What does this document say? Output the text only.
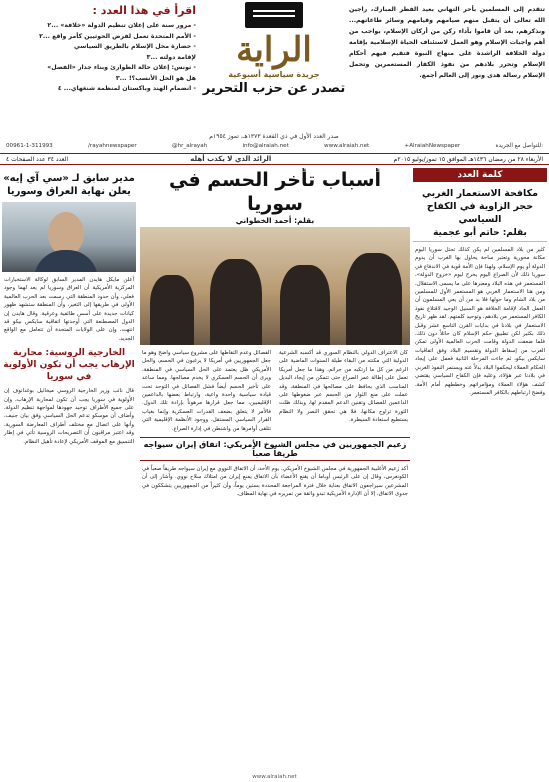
تتقدم إلى المسلمين بأحر التهاني بعيد الفطر المبارك، راجين الله تعالى أن يتقبل منهم صيامهم وقيامهم وسائر طاعاتهم... ونذكرهم، بعد أن قاموا بأداء ركن من أركان الإسلام، بواجب من أهم واجبات الإسلام وهو العمل لاستئناف الحياة الإسلامية بإقامة دولة الخلافة الراشدة على منهاج النبوة فتقيم فيهم أحكام الإسلام وتحرر بلادهم من نفوذ الكفار المستعمرين وتحمل الإسلام رسالة هدى ونور إلى العالم أجمع.
الراية
جريدة سياسية أسبوعية
تصدر عن حزب التحرير
صدر العدد الأول في ذي القعدة ١٣٧٣هـ، تموز ١٩٥٤م
اقرأ في هذا العدد :
- مرور سنة على إعلان تنظيم الدولة «خلافة» ...٢
- الأمم المتحدة تعمل لفرض الحوثيين كأمر واقع ...٢
- حضارة محل الإسلام بالطريق السياسي
لإقامة دولته ...٣
- تونس: إعلان حالة الطوارئ وبناء جدار «الفصل»
هل هو الحل الأنسب؟! ...٣
- انضمام الهند وباكستان لمنظمة شنغهاي... ٤
00961-1-311993	/rayahnewspaper	@hr_alrayah	info@alraiah.net	www.alraiah.net	+AlraiahNewspaper	للتواصل مع الجريدة:
الأربعاء ٢٨ من رمضان ١٤٣٦هـ الموافق ١٥ تموز/يوليو ٢٠١٥م
الرائد الذي لا يكذب أهله
العدد ٣٤ عدد الصفحات ٤
كلمة العدد
مكافحة الاستعمار الغربي حجر الزاوية في الكفاح السياسي
بقلم: حاتم أبو عجمية
كثير من بلاد المسلمين لم يكن كذلك تحتل سوريا اليوم مكانة محورية وتعتبر ساحة يحاول بها الغرب أن يدوم الدولة أو يوم الإسلام، ولهذا فإن الأمة قوية في الاندفاع في سوريا ذلك لأن الصراع اليوم يخرج ليوم «خروج الدولة»، المستعمر في هذه البلاد ومعبرها على ما يسمى الاستقلال، ومن هنا الاستعمار الغربي هو المستعمر الأول للمسلمين من بلاد الشام وما حولها فلا بد من أن يعي المسلمون أن العمل الجاد لإقامة الخلافة هو السبيل الوحيد لاقتلاع نفوذ الكافر المستعمر من بلادهم، وتوحيد كلمتهم. لقد ظهر تاريخ الاستعمار في بلادنا في بدايات القرن التاسع عشر وقبل ذلك بكثير لكن تطبيق حكم الإسلام كان حائلاً دون ذلك، فلما ضعفت الدولة وقامت الحرب العالمية الأولى تمكن الغرب من إسقاط الدولة وتقسيم البلاد وفق اتفاقيات سايكس بيكو، ثم جاءت المرحلة الثانية فعمل على إيجاد الحكام العملاء ليحكموا البلاد بدلاً عنه ويستمر النفوذ الغربي في بلادنا عبر هؤلاء، وعليه فإن الكفاح السياسي يقتضي كشف هؤلاء العملاء ومؤامراتهم وخططهم أمام الأمة، وفضح ارتباطهم بالكافر المستعمر.
أسباب تأخر الحسم في سوريا
بقلم: أحمد الخطواني
كان الاعتراف الدولي بالنظام السوري قد أكسبه الشرعية الدولية التي مكنته من البقاء طيلة السنوات الماضية على الرغم من كل ما ارتكبه من جرائم، وهذا ما جعل أمريكا تعمل على إطالة عمر الصراع حتى تتمكن من إيجاد البديل المناسب الذي يحافظ على مصالحها في المنطقة، وقد عملت على منع الثوار من الحسم عبر ضغوطها على الداعمين للفصائل وتقنين الدعم المقدم لها، وبذلك ظلت الثورة تراوح مكانها، فلا هي تحقق النصر ولا النظام يستطيع استعادة السيطرة.
الفصائل وعدم التقاطها على مشروع سياسي واضح وهو ما جعل الجمهوريين في أمريكا لا يرغبون في الحسم، والحل الأمريكي ظل يعتمد على الحل السياسي في المنطقة، ويرى أن الحسم العسكري لا يخدم مصالحها. ومما ساعد على تأخير الحسم أيضاً فشل الفصائل في التوحد تحت قيادة سياسية واحدة واعية، وارتباط بعضها بالداعمين الإقليميين، مما جعل قرارها مرهوناً بإرادة تلك الدول. فالأمر لا يتعلق بضعف القدرات العسكرية وإنما بغياب القرار السياسي المستقل، ووجود الأنظمة الإقليمية التي تتلقى أوامرها من واشنطن في إدارة الصراع.
زعيم الجمهوريين في مجلس الشيوخ الأمريكي: اتفاق إيران سيواجه طريقاً صعباً
أكد زعيم الأغلبية الجمهورية في مجلس الشيوخ الأمريكي، يوم الأحد، أن الاتفاق النووي مع إيران سيواجه طريقاً صعباً في الكونغرس، وقال إن على الرئيس أوباما أن يقنع الأعضاء بأن الاتفاق يمنع إيران من امتلاك سلاح نووي. وأشار إلى أن المشرعين سيراجعون الاتفاق بعناية خلال فترة المراجعة المحددة بستين يوماً، وأن كثيراً من الجمهوريين يتشككون في جدوى الاتفاق، إلا أن الإدارة الأمريكية تبدو واثقة من تمريره في نهاية المطاف.
مدير سابق لـ «سي آي إيه» يعلن نهاية العراق وسوريا
أعلن مايكل هايدن المدير السابق لوكالة الاستخبارات المركزية الأمريكية أن العراق وسوريا لم يعد لهما وجود فعلي، وأن حدود المنطقة التي رسمت بعد الحرب العالمية الأولى في طريقها إلى التغير، وأن المنطقة ستشهد ظهور كيانات جديدة على أسس طائفية وعرقية. وقال هايدن إن الدول المصطنعة التي أوجدتها اتفاقية سايكس بيكو قد انتهت، وإن على الولايات المتحدة أن تتعامل مع الواقع الجديد.
الخارجية الروسية: محاربة الإرهاب يجب أن تكون الأولوية في سوريا
قال نائب وزير الخارجية الروسي ميخائيل بوغدانوف إن الأولوية في سوريا يجب أن تكون لمحاربة الإرهاب، وإن على جميع الأطراف توحيد جهودها لمواجهة تنظيم الدولة، وأضاف أن موسكو تدعم الحل السياسي وفق بيان جنيف، وأنها على اتصال مع مختلف أطراف المعارضة السورية، وقد اعتبر مراقبون أن التصريحات الروسية تأتي في إطار التنسيق مع الموقف الأمريكي لإعادة تأهيل النظام.
www.alraiah.net
